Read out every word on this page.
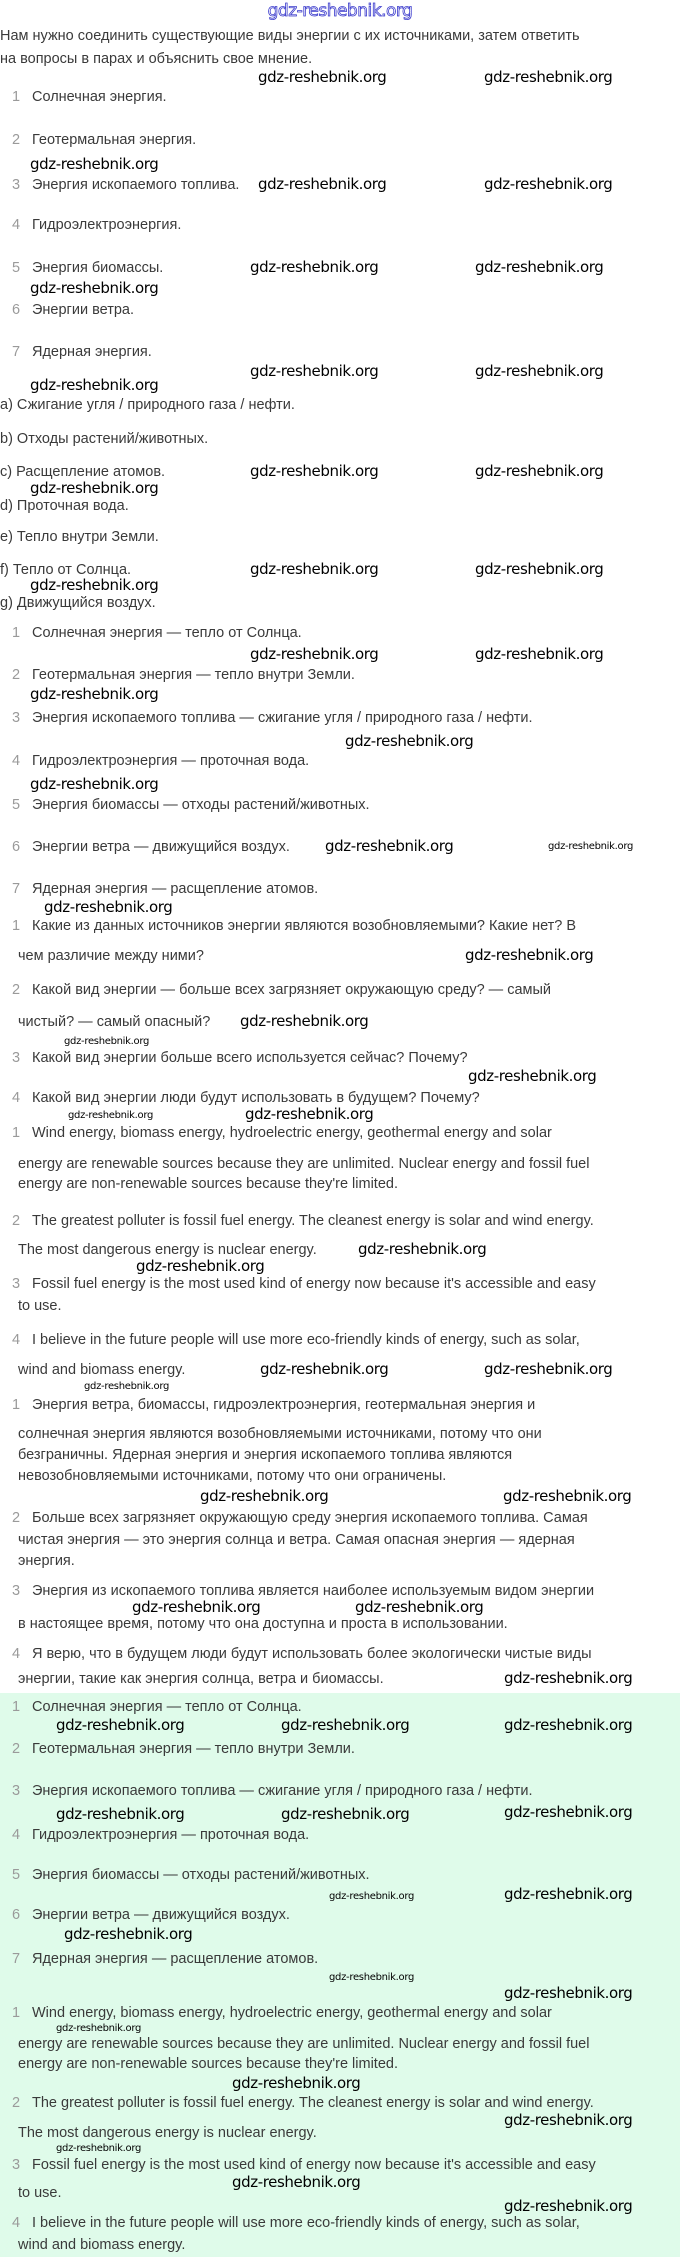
gdz-reshebnik.org
Нам нужно соединить существующие виды энергии с их источниками, затем ответить
на вопросы в парах и объяснить свое мнение.
1 Солнечная энергия.
2 Геотермальная энергия.
3 Энергия ископаемого топлива.
4 Гидроэлектроэнергия.
5 Энергия биомассы.
6 Энергии ветра.
7 Ядерная энергия.
a) Сжигание угля / природного газа / нефти.
b) Отходы растений/животных.
c) Расщепление атомов.
d) Проточная вода.
e) Тепло внутри Земли.
f) Тепло от Солнца.
g) Движущийся воздух.
1 Солнечная энергия — тепло от Солнца.
2 Геотермальная энергия — тепло внутри Земли.
3 Энергия ископаемого топлива — сжигание угля / природного газа / нефти.
4 Гидроэлектроэнергия — проточная вода.
5 Энергия биомассы — отходы растений/животных.
6 Энергии ветра — движущийся воздух.
7 Ядерная энергия — расщепление атомов.
1 Какие из данных источников энергии являются возобновляемыми? Какие нет? В
чем различие между ними?
2 Какой вид энергии — больше всех загрязняет окружающую среду? — самый
чистый? — самый опасный?
3 Какой вид энергии больше всего используется сейчас? Почему?
4 Какой вид энергии люди будут использовать в будущем? Почему?
1 Wind energy, biomass energy, hydroelectric energy, geothermal energy and solar
energy are renewable sources because they are unlimited. Nuclear energy and fossil fuel
energy are non-renewable sources because they're limited.
2 The greatest polluter is fossil fuel energy. The cleanest energy is solar and wind energy.
The most dangerous energy is nuclear energy.
3 Fossil fuel energy is the most used kind of energy now because it's accessible and easy
to use.
4 I believe in the future people will use more eco-friendly kinds of energy, such as solar,
wind and biomass energy.
1 Энергия ветра, биомассы, гидроэлектроэнергия, геотермальная энергия и
солнечная энергия являются возобновляемыми источниками, потому что они
безграничны. Ядерная энергия и энергия ископаемого топлива являются
невозобновляемыми источниками, потому что они ограничены.
2 Больше всех загрязняет окружающую среду энергия ископаемого топлива. Самая
чистая энергия — это энергия солнца и ветра. Самая опасная энергия — ядерная
энергия.
3 Энергия из ископаемого топлива является наиболее используемым видом энергии
в настоящее время, потому что она доступна и проста в использовании.
4 Я верю, что в будущем люди будут использовать более экологически чистые виды
энергии, такие как энергия солнца, ветра и биомассы.
1 Солнечная энергия — тепло от Солнца.
2 Геотермальная энергия — тепло внутри Земли.
3 Энергия ископаемого топлива — сжигание угля / природного газа / нефти.
4 Гидроэлектроэнергия — проточная вода.
5 Энергия биомассы — отходы растений/животных.
6 Энергии ветра — движущийся воздух.
7 Ядерная энергия — расщепление атомов.
1 Wind energy, biomass energy, hydroelectric energy, geothermal energy and solar
energy are renewable sources because they are unlimited. Nuclear energy and fossil fuel
energy are non-renewable sources because they're limited.
2 The greatest polluter is fossil fuel energy. The cleanest energy is solar and wind energy.
The most dangerous energy is nuclear energy.
3 Fossil fuel energy is the most used kind of energy now because it's accessible and easy
to use.
4 I believe in the future people will use more eco-friendly kinds of energy, such as solar,
wind and biomass energy.
gdz-reshebnik.org	gdz-reshebnik.org
gdz-reshebnik.org
gdz-reshebnik.org	gdz-reshebnik.org
gdz-reshebnik.org	gdz-reshebnik.org
gdz-reshebnik.org
gdz-reshebnik.org	gdz-reshebnik.org
gdz-reshebnik.org
gdz-reshebnik.org	gdz-reshebnik.org
gdz-reshebnik.org
gdz-reshebnik.org	gdz-reshebnik.org
gdz-reshebnik.org
gdz-reshebnik.org	gdz-reshebnik.org
gdz-reshebnik.org
gdz-reshebnik.org
gdz-reshebnik.org
gdz-reshebnik.org	gdz-reshebnik.org
gdz-reshebnik.org
gdz-reshebnik.org
gdz-reshebnik.org
gdz-reshebnik.org
gdz-reshebnik.org
gdz-reshebnik.org	gdz-reshebnik.org
gdz-reshebnik.org
gdz-reshebnik.org
gdz-reshebnik.org	gdz-reshebnik.org
gdz-reshebnik.org
gdz-reshebnik.org	gdz-reshebnik.org
gdz-reshebnik.org	gdz-reshebnik.org
gdz-reshebnik.org
gdz-reshebnik.org	gdz-reshebnik.org	gdz-reshebnik.org
gdz-reshebnik.org	gdz-reshebnik.org	gdz-reshebnik.org
gdz-reshebnik.org
gdz-reshebnik.org
gdz-reshebnik.org
gdz-reshebnik.org
gdz-reshebnik.org
gdz-reshebnik.org
gdz-reshebnik.org
gdz-reshebnik.org
gdz-reshebnik.org
gdz-reshebnik.org
gdz-reshebnik.org
